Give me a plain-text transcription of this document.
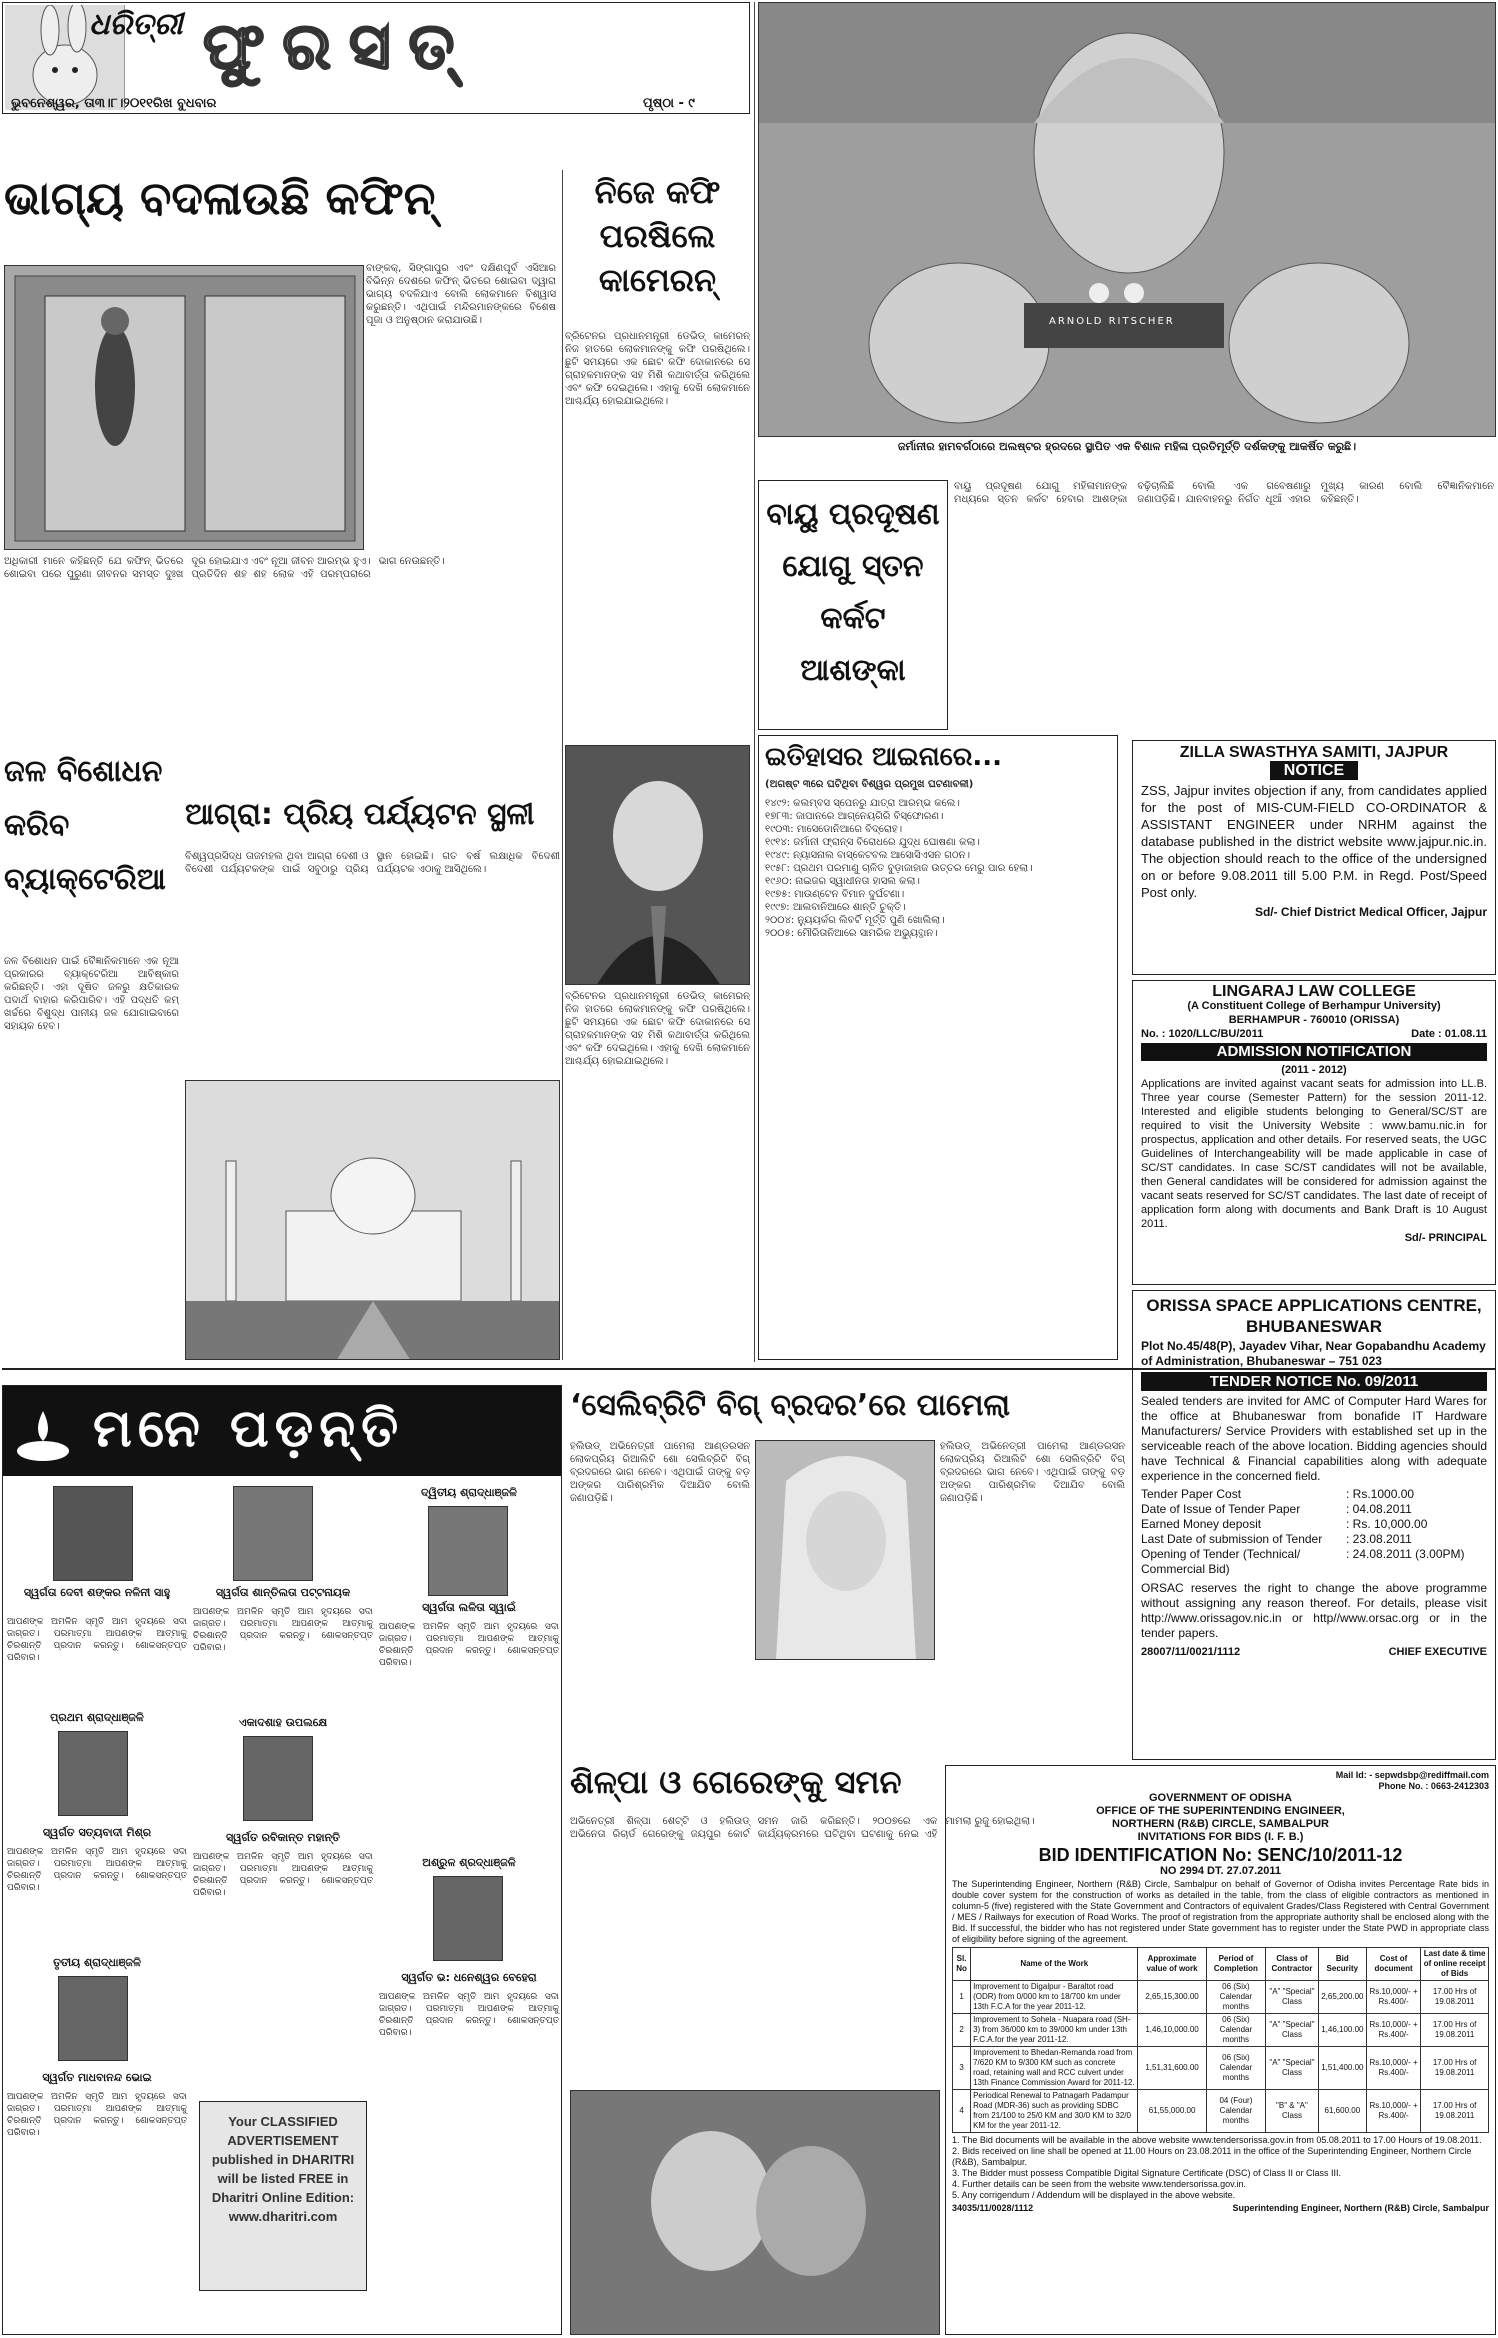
ଧରିତ୍ରୀ ଫୁରସତ୍
ଭୁବନେଶ୍ୱର, ତା୩।୮।୨୦୧୧ରିଖ ବୁଧବାର	ପୃଷ୍ଠା - ୯
ଭାଗ୍ୟ ବଦଳାଉଛି କଫିନ୍
ବାଙ୍କକ୍, ସିଙ୍ଗାପୁର ଏବଂ ଦକ୍ଷିଣପୂର୍ବ ଏସିଆର ବିଭିନ୍ନ ଦେଶରେ କଫିନ୍ ଭିତରେ ଶୋଇବା ଦ୍ୱାରା ଭାଗ୍ୟ ବଦଳିଯାଏ ବୋଲି ଲୋକମାନେ ବିଶ୍ୱାସ କରୁଛନ୍ତି। ଏଥିପାଇଁ ମନ୍ଦିରମାନଙ୍କରେ ବିଶେଷ ପୂଜା ଓ ଅନୁଷ୍ଠାନ କରାଯାଉଛି।
ଅଧିକାରୀ ମାନେ କହିଛନ୍ତି ଯେ କଫିନ୍ ଭିତରେ ଶୋଇବା ପରେ ପୁରୁଣା ଜୀବନର ସମସ୍ତ ଦୁଃଖ ଦୂର ହୋଇଯାଏ ଏବଂ ନୂଆ ଜୀବନ ଆରମ୍ଭ ହୁଏ। ପ୍ରତିଦିନ ଶହ ଶହ ଲୋକ ଏହି ପରମ୍ପରାରେ ଭାଗ ନେଉଛନ୍ତି।
ନିଜେ କଫି ପରଷିଲେ କାମେରନ୍
ବ୍ରିଟେନର ପ୍ରଧାନମନ୍ତ୍ରୀ ଡେଭିଡ୍ କାମେରନ୍ ନିଜ ହାତରେ ଲୋକମାନଙ୍କୁ କଫି ପରଷିଥିଲେ। ଛୁଟି ସମୟରେ ଏକ ଛୋଟ କଫି ଦୋକାନରେ ସେ ଗ୍ରାହକମାନଙ୍କ ସହ ମିଶି କଥାବାର୍ତ୍ତା କରିଥିଲେ ଏବଂ କଫି ଦେଇଥିଲେ। ଏହାକୁ ଦେଖି ଲୋକମାନେ ଆଶ୍ଚର୍ଯ୍ୟ ହୋଇଯାଇଥିଲେ।
ବ୍ରିଟେନର ପ୍ରଧାନମନ୍ତ୍ରୀ ଡେଭିଡ୍ କାମେରନ୍ ନିଜ ହାତରେ ଲୋକମାନଙ୍କୁ କଫି ପରଷିଥିଲେ। ଛୁଟି ସମୟରେ ଏକ ଛୋଟ କଫି ଦୋକାନରେ ସେ ଗ୍ରାହକମାନଙ୍କ ସହ ମିଶି କଥାବାର୍ତ୍ତା କରିଥିଲେ ଏବଂ କଫି ଦେଇଥିଲେ। ଏହାକୁ ଦେଖି ଲୋକମାନେ ଆଶ୍ଚର୍ଯ୍ୟ ହୋଇଯାଇଥିଲେ।
ARNOLD RITSCHER
ଜର୍ମାନୀର ହାମବର୍ଗଠାରେ ଅଲଷ୍ଟର ହ୍ରଦରେ ସ୍ଥାପିତ ଏକ ବିଶାଳ ମହିଳା ପ୍ରତିମୂର୍ତ୍ତି ଦର୍ଶକଙ୍କୁ ଆକର୍ଷିତ କରୁଛି।
ବାୟୁ ପ୍ରଦୂଷଣ ଯୋଗୁ ସ୍ତନ କର୍କଟ ଆଶଙ୍କା
ବାୟୁ ପ୍ରଦୂଷଣ ଯୋଗୁ ମହିଳାମାନଙ୍କ ମଧ୍ୟରେ ସ୍ତନ କର୍କଟ ହେବାର ଆଶଙ୍କା ବଢ଼ିଚାଲିଛି ବୋଲି ଏକ ଗବେଷଣାରୁ ଜଣାପଡ଼ିଛି। ଯାନବାହନରୁ ନିର୍ଗତ ଧୂଆଁ ଏହାର ମୁଖ୍ୟ କାରଣ ବୋଲି ବୈଜ୍ଞାନିକମାନେ କହିଛନ୍ତି।
ଇତିହାସର ଆଇନାରେ...
(ଅଗଷ୍ଟ ୩ରେ ଘଟିଥିବା ବିଶ୍ୱର ପ୍ରମୁଖ ଘଟଣାବଳୀ)
୧୪୯୨: କଲମ୍ବସ ସ୍ପେନରୁ ଯାତ୍ରା ଆରମ୍ଭ କଲେ।
୧୭୮୩: ଜାପାନରେ ଆଗ୍ନେୟଗିରି ବିସ୍ଫୋରଣ।
୧୯୦୩: ମାସେଡୋନିଆରେ ବିଦ୍ରୋହ।
୧୯୧୪: ଜର୍ମାନୀ ଫ୍ରାନ୍ସ ବିରୋଧରେ ଯୁଦ୍ଧ ଘୋଷଣା କଲା।
୧୯୪୯: ନ୍ୟାସନାଲ ବାସ୍କେଟବଲ ଆସୋସିଏସନ ଗଠନ।
୧୯୫୮: ପ୍ରଥମ ପରମାଣୁ ଚାଳିତ ବୁଡ଼ାଜାହାଜ ଉତ୍ତର ମେରୁ ପାର ହେଲା।
୧୯୬୦: ନାଇଜର ସ୍ୱାଧୀନତା ହାସଲ କଲା।
୧୯୭୫: ମାଉଣ୍ଟେନ ବିମାନ ଦୁର୍ଘଟଣା।
୧୯୯୭: ଆଲବାନିଆରେ ଶାନ୍ତି ଚୁକ୍ତି।
୨୦୦୪: ନ୍ୟୁୟର୍କର ଲିବର୍ଟି ମୂର୍ତ୍ତି ପୁଣି ଖୋଲିଲା।
୨୦୦୫: ମୌରିତାନିଆରେ ସାମରିକ ଅଭ୍ୟୁତ୍ଥାନ।
ଜଳ ବିଶୋଧନ କରିବ ବ୍ୟାକ୍ଟେରିଆ
ଜଳ ବିଶୋଧନ ପାଇଁ ବୈଜ୍ଞାନିକମାନେ ଏକ ନୂଆ ପ୍ରକାରର ବ୍ୟାକ୍ଟେରିଆ ଆବିଷ୍କାର କରିଛନ୍ତି। ଏହା ଦୂଷିତ ଜଳରୁ କ୍ଷତିକାରକ ପଦାର୍ଥ ବାହାର କରିପାରିବ। ଏହି ପଦ୍ଧତି କମ୍ ଖର୍ଚ୍ଚରେ ବିଶୁଦ୍ଧ ପାନୀୟ ଜଳ ଯୋଗାଇବାରେ ସହାୟକ ହେବ।
ଆଗ୍ରା: ପ୍ରିୟ ପର୍ଯ୍ୟଟନ ସ୍ଥଳୀ
ବିଶ୍ୱପ୍ରସିଦ୍ଧ ତାଜମହଲ ଥିବା ଆଗ୍ରା ଦେଶୀ ଓ ବିଦେଶୀ ପର୍ଯ୍ୟଟକଙ୍କ ପାଇଁ ସବୁଠାରୁ ପ୍ରିୟ ସ୍ଥାନ ହୋଇଛି। ଗତ ବର୍ଷ ଲକ୍ଷାଧିକ ବିଦେଶୀ ପର୍ଯ୍ୟଟକ ଏଠାକୁ ଆସିଥିଲେ।
ମନେ ପଡ଼ନ୍ତି
ସ୍ୱର୍ଗତା ଦେବୀ ଶଙ୍କର ନଳିନୀ ସାହୁ
ଆପଣଙ୍କ ଅମଳିନ ସ୍ମୃତି ଆମ ହୃଦୟରେ ସଦା ଜାଗ୍ରତ। ପରମାତ୍ମା ଆପଣଙ୍କ ଆତ୍ମାକୁ ଚିରଶାନ୍ତି ପ୍ରଦାନ କରନ୍ତୁ। ଶୋକସନ୍ତପ୍ତ ପରିବାର।
ପ୍ରଥମ ଶ୍ରାଦ୍ଧାଞ୍ଜଳି
ସ୍ୱର୍ଗତ ସତ୍ୟବାଦୀ ମିଶ୍ର
ଆପଣଙ୍କ ଅମଳିନ ସ୍ମୃତି ଆମ ହୃଦୟରେ ସଦା ଜାଗ୍ରତ। ପରମାତ୍ମା ଆପଣଙ୍କ ଆତ୍ମାକୁ ଚିରଶାନ୍ତି ପ୍ରଦାନ କରନ୍ତୁ। ଶୋକସନ୍ତପ୍ତ ପରିବାର।
ତୃତୀୟ ଶ୍ରାଦ୍ଧାଞ୍ଜଳି
ସ୍ୱର୍ଗତ ମାଧବାନନ୍ଦ ଭୋଇ
ଆପଣଙ୍କ ଅମଳିନ ସ୍ମୃତି ଆମ ହୃଦୟରେ ସଦା ଜାଗ୍ରତ। ପରମାତ୍ମା ଆପଣଙ୍କ ଆତ୍ମାକୁ ଚିରଶାନ୍ତି ପ୍ରଦାନ କରନ୍ତୁ। ଶୋକସନ୍ତପ୍ତ ପରିବାର।
ସ୍ୱର୍ଗତା ଶାନ୍ତିଲତା ପଟ୍ଟନାୟକ
ଆପଣଙ୍କ ଅମଳିନ ସ୍ମୃତି ଆମ ହୃଦୟରେ ସଦା ଜାଗ୍ରତ। ପରମାତ୍ମା ଆପଣଙ୍କ ଆତ୍ମାକୁ ଚିରଶାନ୍ତି ପ୍ରଦାନ କରନ୍ତୁ। ଶୋକସନ୍ତପ୍ତ ପରିବାର।
ଏକାଦଶାହ ଉପଲକ୍ଷେ
ସ୍ୱର୍ଗତ ରବିକାନ୍ତ ମହାନ୍ତି
ଆପଣଙ୍କ ଅମଳିନ ସ୍ମୃତି ଆମ ହୃଦୟରେ ସଦା ଜାଗ୍ରତ। ପରମାତ୍ମା ଆପଣଙ୍କ ଆତ୍ମାକୁ ଚିରଶାନ୍ତି ପ୍ରଦାନ କରନ୍ତୁ। ଶୋକସନ୍ତପ୍ତ ପରିବାର।
Your CLASSIFIED ADVERTISEMENT published in DHARITRI will be listed FREE in Dharitri Online Edition: www.dharitri.com
ଦ୍ୱିତୀୟ ଶ୍ରାଦ୍ଧାଞ୍ଜଳି
ସ୍ୱର୍ଗତା ଲଳିତା ସ୍ୱାଇଁ
ଆପଣଙ୍କ ଅମଳିନ ସ୍ମୃତି ଆମ ହୃଦୟରେ ସଦା ଜାଗ୍ରତ। ପରମାତ୍ମା ଆପଣଙ୍କ ଆତ୍ମାକୁ ଚିରଶାନ୍ତି ପ୍ରଦାନ କରନ୍ତୁ। ଶୋକସନ୍ତପ୍ତ ପରିବାର।
ଅଶ୍ରୁଳ ଶ୍ରଦ୍ଧାଞ୍ଜଳି
ସ୍ୱର୍ଗତ ଭ: ଧନେଶ୍ୱର ବେହେରା
ଆପଣଙ୍କ ଅମଳିନ ସ୍ମୃତି ଆମ ହୃଦୟରେ ସଦା ଜାଗ୍ରତ। ପରମାତ୍ମା ଆପଣଙ୍କ ଆତ୍ମାକୁ ଚିରଶାନ୍ତି ପ୍ରଦାନ କରନ୍ତୁ। ଶୋକସନ୍ତପ୍ତ ପରିବାର।
‘ସେଲିବ୍ରିଟି ବିଗ୍ ବ୍ରଦର’ରେ ପାମେଲା
ହଲିଉଡ୍ ଅଭିନେତ୍ରୀ ପାମେଲା ଆଣ୍ଡରସନ ଲୋକପ୍ରିୟ ରିଆଲିଟି ଶୋ ସେଲିବ୍ରିଟି ବିଗ୍ ବ୍ରଦରରେ ଭାଗ ନେବେ। ଏଥିପାଇଁ ତାଙ୍କୁ ବଡ଼ ଅଙ୍କର ପାରିଶ୍ରମିକ ଦିଆଯିବ ବୋଲି ଜଣାପଡ଼ିଛି।
ହଲିଉଡ୍ ଅଭିନେତ୍ରୀ ପାମେଲା ଆଣ୍ଡରସନ ଲୋକପ୍ରିୟ ରିଆଲିଟି ଶୋ ସେଲିବ୍ରିଟି ବିଗ୍ ବ୍ରଦରରେ ଭାଗ ନେବେ। ଏଥିପାଇଁ ତାଙ୍କୁ ବଡ଼ ଅଙ୍କର ପାରିଶ୍ରମିକ ଦିଆଯିବ ବୋଲି ଜଣାପଡ଼ିଛି।
ଶିଳ୍ପା ଓ ଗେରେଙ୍କୁ ସମନ
ଅଭିନେତ୍ରୀ ଶିଳ୍ପା ଶେଟ୍ଟି ଓ ହଲିଉଡ୍ ଅଭିନେତା ରିଚାର୍ଡ ଗେରେଙ୍କୁ ଜୟପୁର କୋର୍ଟ ସମନ ଜାରି କରିଛନ୍ତି। ୨୦୦୭ରେ ଏକ କାର୍ଯ୍ୟକ୍ରମରେ ଘଟିଥିବା ଘଟଣାକୁ ନେଇ ଏହି ମାମଲା ରୁଜୁ ହୋଇଥିଲା।
ZILLA SWASTHYA SAMITI, JAJPUR
NOTICE
ZSS, Jajpur invites objection if any, from candidates applied for the post of MIS-CUM-FIELD CO-ORDINATOR & ASSISTANT ENGINEER under NRHM against the database published in the district website www.jajpur.nic.in. The objection should reach to the office of the undersigned on or before 9.08.2011 till 5.00 P.M. in Regd. Post/Speed Post only.
Sd/- Chief District Medical Officer, Jajpur
LINGARAJ LAW COLLEGE
(A Constituent College of Berhampur University)
BERHAMPUR - 760010 (ORISSA)
No. : 1020/LLC/BU/2011	Date : 01.08.11
ADMISSION NOTIFICATION
(2011 - 2012)
Applications are invited against vacant seats for admission into LL.B. Three year course (Semester Pattern) for the session 2011-12. Interested and eligible students belonging to General/SC/ST are required to visit the University Website : www.bamu.nic.in for prospectus, application and other details. For reserved seats, the UGC Guidelines of Interchangeability will be made applicable in case of SC/ST candidates. In case SC/ST candidates will not be available, then General candidates will be considered for admission against the vacant seats reserved for SC/ST candidates. The last date of receipt of application form along with documents and Bank Draft is 10 August 2011.
Sd/- PRINCIPAL
ORISSA SPACE APPLICATIONS CENTRE, BHUBANESWAR
Plot No.45/48(P), Jayadev Vihar, Near Gopabandhu Academy of Administration, Bhubaneswar – 751 023
TENDER NOTICE No. 09/2011
Sealed tenders are invited for AMC of Computer Hard Wares for the office at Bhubaneswar from bonafide IT Hardware Manufacturers/ Service Providers with established set up in the serviceable reach of the above location. Bidding agencies should have Technical & Financial capabilities along with adequate experience in the concerned field.
Tender Paper Cost	: Rs.1000.00
Date of Issue of Tender Paper	: 04.08.2011
Earned Money deposit	: Rs. 10,000.00
Last Date of submission of Tender	: 23.08.2011
Opening of Tender (Technical/ Commercial Bid)
: 24.08.2011 (3.00PM)
ORSAC reserves the right to change the above programme without assigning any reason thereof. For details, please visit http://www.orissagov.nic.in or http//www.orsac.org or in the tender papers.
28007/11/0021/1112	CHIEF EXECUTIVE
Mail Id: - sepwdsbp@rediffmail.com
Phone No. : 0663-2412303
GOVERNMENT OF ODISHA
OFFICE OF THE SUPERINTENDING ENGINEER,
NORTHERN (R&B) CIRCLE, SAMBALPUR
INVITATIONS FOR BIDS (I. F. B.)
BID IDENTIFICATION No: SENC/10/2011-12
NO 2994 DT. 27.07.2011
The Superintending Engineer, Northern (R&B) Circle, Sambalpur on behalf of Governor of Odisha invites Percentage Rate bids in double cover system for the construction of works as detailed in the table, from the class of eligible contractors as mentioned in column-5 (five) registered with the State Government and Contractors of equivalent Grades/Class Registered with Central Government / MES / Railways for execution of Road Works. The proof of registration from the appropriate authority shall be enclosed along with the Bid. If successful, the bidder who has not registered under State government has to register under the State PWD in appropriate class of eligibility before signing of the agreement.
Sl. No	Name of the Work	Approximate value of work	Period of Completion	Class of Contractor	Bid Security	Cost of document	Last date & time of online receipt of Bids
1	Improvement to Digalpur - Baraltot road (ODR) from 0/000 km to 18/700 km under 13th F.C.A for the year 2011-12.	2,65,15,300.00	06 (Six) Calendar months	"A" "Special" Class	2,65,200.00	Rs.10,000/- + Rs.400/-	17.00 Hrs of 19.08.2011
2	Improvement to Sohela - Nuapara road (SH-3) from 36/000 km to 39/000 km under 13th F.C.A.for the year 2011-12.	1,46,10,000.00	06 (Six) Calendar months	"A" "Special" Class	1,46,100.00	Rs.10,000/- + Rs.400/-	17.00 Hrs of 19.08.2011
3	Improvement to Bhedan-Remanda road from 7/620 KM to 9/300 KM such as concrete road, retaining wall and RCC culvert under 13th Finance Commission Award for 2011-12.	1,51,31,600.00	06 (Six) Calendar months	"A" "Special" Class	1,51,400.00	Rs.10,000/- + Rs.400/-	17.00 Hrs of 19.08.2011
4	Periodical Renewal to Patnagarh Padampur Road (MDR-36) such as providing SDBC from 21/100 to 25/0 KM and 30/0 KM to 32/0 KM for the year 2011-12.	61,55,000.00	04 (Four) Calendar months	"B" & "A" Class	61,600.00	Rs.10,000/- + Rs.400/-	17.00 Hrs of 19.08.2011
1. The Bid documents will be available in the above website www.tendersorissa.gov.in from 05.08.2011 to 17.00 Hours of 19.08.2011.
2. Bids received on line shall be opened at 11.00 Hours on 23.08.2011 in the office of the Superintending Engineer, Northern Circle (R&B), Sambalpur.
3. The Bidder must possess Compatible Digital Signature Certificate (DSC) of Class II or Class III.
4. Further details can be seen from the website www.tendersorissa.gov.in.
5. Any corrigendum / Addendum will be displayed in the above website.
34035/11/0028/1112	Superintending Engineer, Northern (R&B) Circle, Sambalpur
